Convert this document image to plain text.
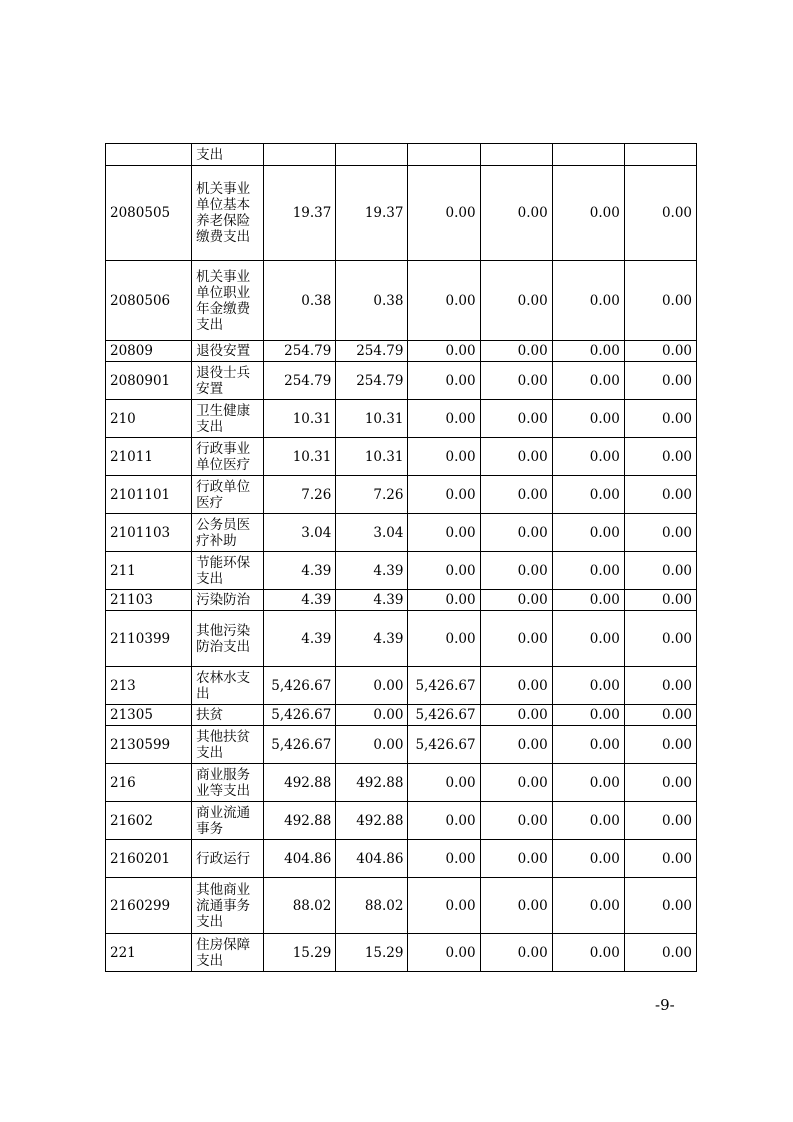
	支出						
2080505	机关事业单位基本养老保险缴费支出	19.37	19.37	0.00	0.00	0.00	0.00
2080506	机关事业单位职业年金缴费支出	0.38	0.38	0.00	0.00	0.00	0.00
20809	退役安置	254.79	254.79	0.00	0.00	0.00	0.00
2080901	退役士兵安置	254.79	254.79	0.00	0.00	0.00	0.00
210	卫生健康支出	10.31	10.31	0.00	0.00	0.00	0.00
21011	行政事业单位医疗	10.31	10.31	0.00	0.00	0.00	0.00
2101101	行政单位医疗	7.26	7.26	0.00	0.00	0.00	0.00
2101103	公务员医疗补助	3.04	3.04	0.00	0.00	0.00	0.00
211	节能环保支出	4.39	4.39	0.00	0.00	0.00	0.00
21103	污染防治	4.39	4.39	0.00	0.00	0.00	0.00
2110399	其他污染防治支出	4.39	4.39	0.00	0.00	0.00	0.00
213	农林水支出	5,426.67	0.00	5,426.67	0.00	0.00	0.00
21305	扶贫	5,426.67	0.00	5,426.67	0.00	0.00	0.00
2130599	其他扶贫支出	5,426.67	0.00	5,426.67	0.00	0.00	0.00
216	商业服务业等支出	492.88	492.88	0.00	0.00	0.00	0.00
21602	商业流通事务	492.88	492.88	0.00	0.00	0.00	0.00
2160201	行政运行	404.86	404.86	0.00	0.00	0.00	0.00
2160299	其他商业流通事务支出	88.02	88.02	0.00	0.00	0.00	0.00
221	住房保障支出	15.29	15.29	0.00	0.00	0.00	0.00
-9-
